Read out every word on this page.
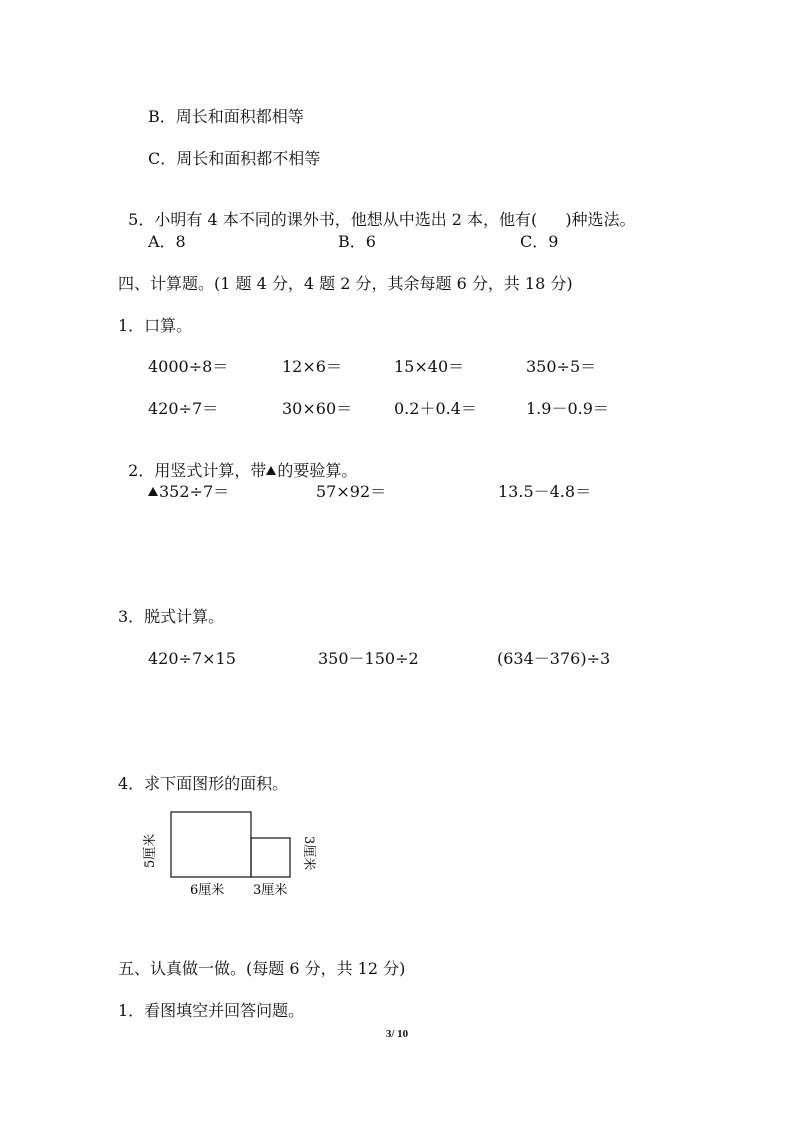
B．周长和面积都相等
C．周长和面积都不相等

5．小明有 4 本不同的课外书，他想从中选出 2 本，他有( )种选法。

A．8	B．6	C．9
四、计算题。(1 题 4 分，4 题 2 分，其余每题 6 分，共 18 分)
1．口算。
4000÷8＝	12×6＝	15×40＝	350÷5＝
420÷7＝	30×60＝	0.2＋0.4＝	1.9－0.9＝

2．用竖式计算，带 的要验算。

352÷7＝	57×92＝	13.5－4.8＝
3．脱式计算。
420÷7×15	350－150÷2	(634－376)÷3
4．求下面图形的面积。
5厘米
6厘米 3厘米
3厘米
五、认真做一做。(每题 6 分，共 12 分)
1．看图填空并回答问题。
3/ 10
